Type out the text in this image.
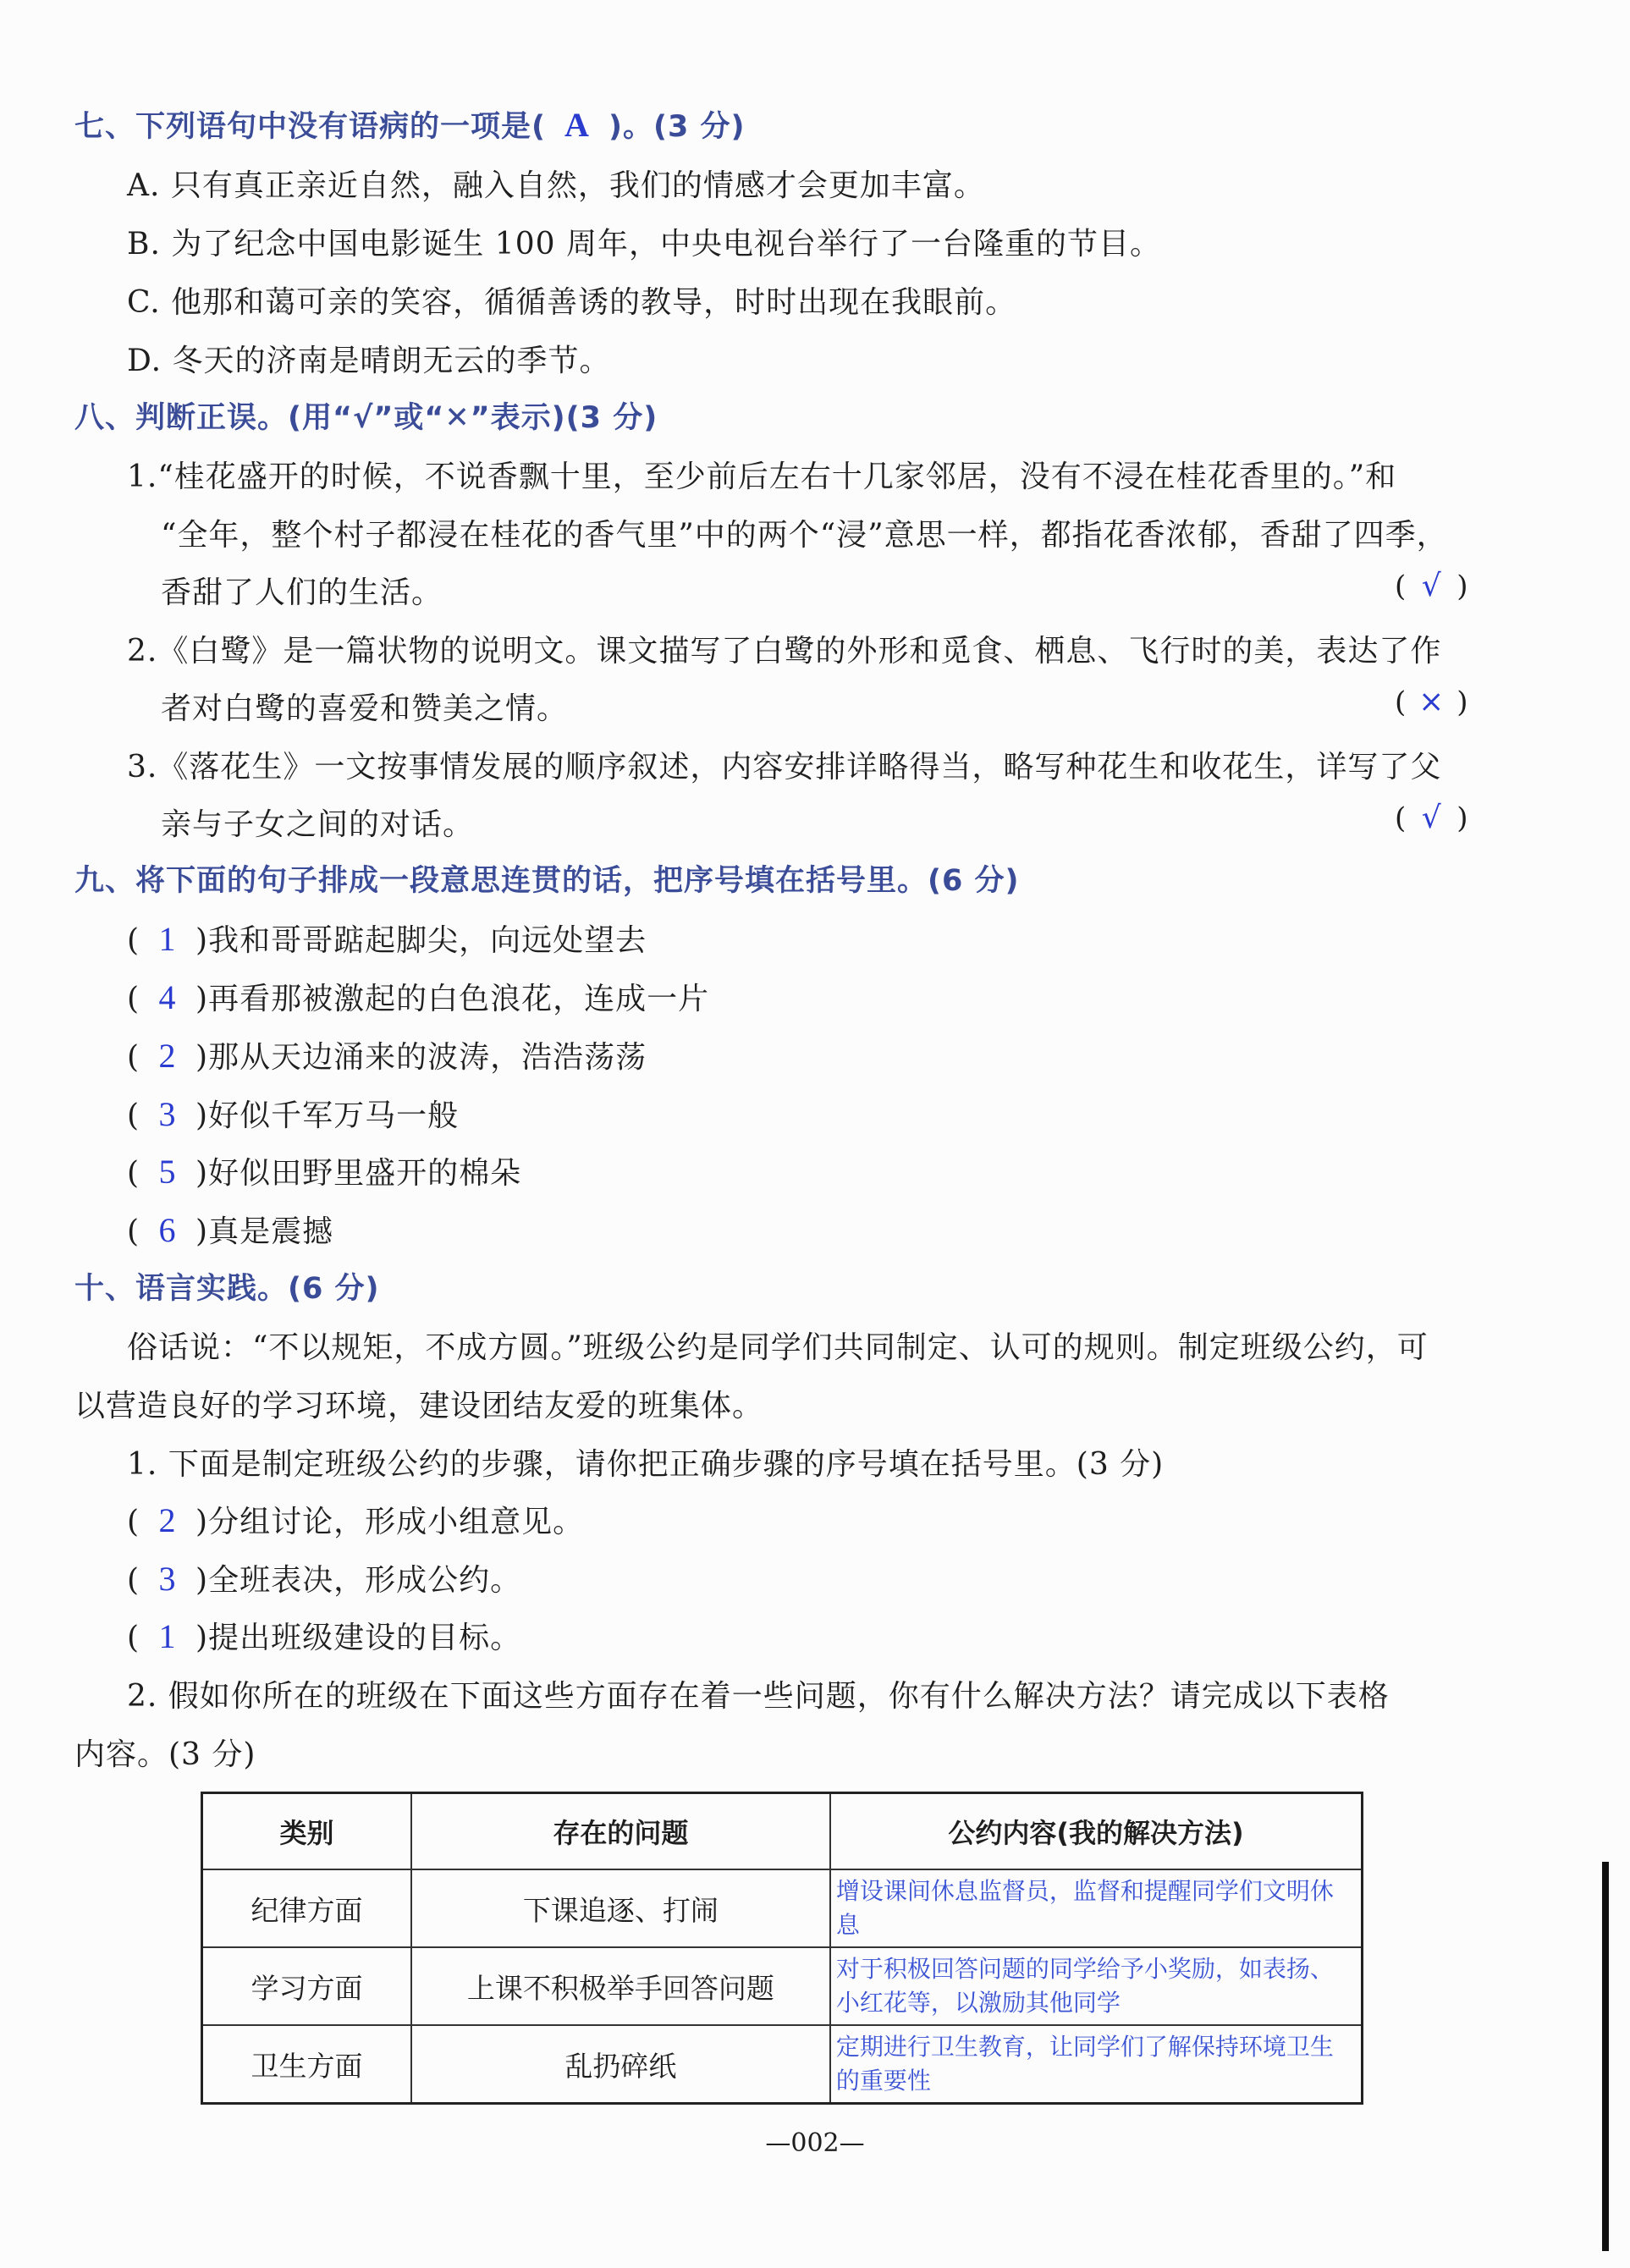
七、下列语句中没有语病的一项是( A )。(3 分)
A. 只有真正亲近自然，融入自然，我们的情感才会更加丰富。
B. 为了纪念中国电影诞生 100 周年，中央电视台举行了一台隆重的节目。
C. 他那和蔼可亲的笑容，循循善诱的教导，时时出现在我眼前。
D. 冬天的济南是晴朗无云的季节。
八、判断正误。(用“√”或“✕”表示)(3 分)
1.“桂花盛开的时候，不说香飘十里，至少前后左右十几家邻居，没有不浸在桂花香里的。”和
“全年，整个村子都浸在桂花的香气里”中的两个“浸”意思一样，都指花香浓郁，香甜了四季，
香甜了人们的生活。	( √ )
2.《白鹭》是一篇状物的说明文。课文描写了白鹭的外形和觅食、栖息、飞行时的美，表达了作
者对白鹭的喜爱和赞美之情。	( × )
3.《落花生》一文按事情发展的顺序叙述，内容安排详略得当，略写种花生和收花生，详写了父
亲与子女之间的对话。	( √ )
九、将下面的句子排成一段意思连贯的话，把序号填在括号里。(6 分)
( 1 )我和哥哥踮起脚尖，向远处望去
( 4 )再看那被激起的白色浪花，连成一片
( 2 )那从天边涌来的波涛，浩浩荡荡
( 3 )好似千军万马一般
( 5 )好似田野里盛开的棉朵
( 6 )真是震撼
十、语言实践。(6 分)
俗话说：“不以规矩，不成方圆。”班级公约是同学们共同制定、认可的规则。制定班级公约，可
以营造良好的学习环境，建设团结友爱的班集体。
1. 下面是制定班级公约的步骤，请你把正确步骤的序号填在括号里。(3 分)
( 2 )分组讨论，形成小组意见。
( 3 )全班表决，形成公约。
( 1 )提出班级建设的目标。
2. 假如你所在的班级在下面这些方面存在着一些问题，你有什么解决方法？请完成以下表格
内容。(3 分)
类别	存在的问题	公约内容(我的解决方法)
纪律方面	下课追逐、打闹	增设课间休息监督员，监督和提醒同学们文明休息
学习方面	上课不积极举手回答问题	对于积极回答问题的同学给予小奖励，如表扬、小红花等，以激励其他同学
卫生方面	乱扔碎纸	定期进行卫生教育，让同学们了解保持环境卫生的重要性
—002—
